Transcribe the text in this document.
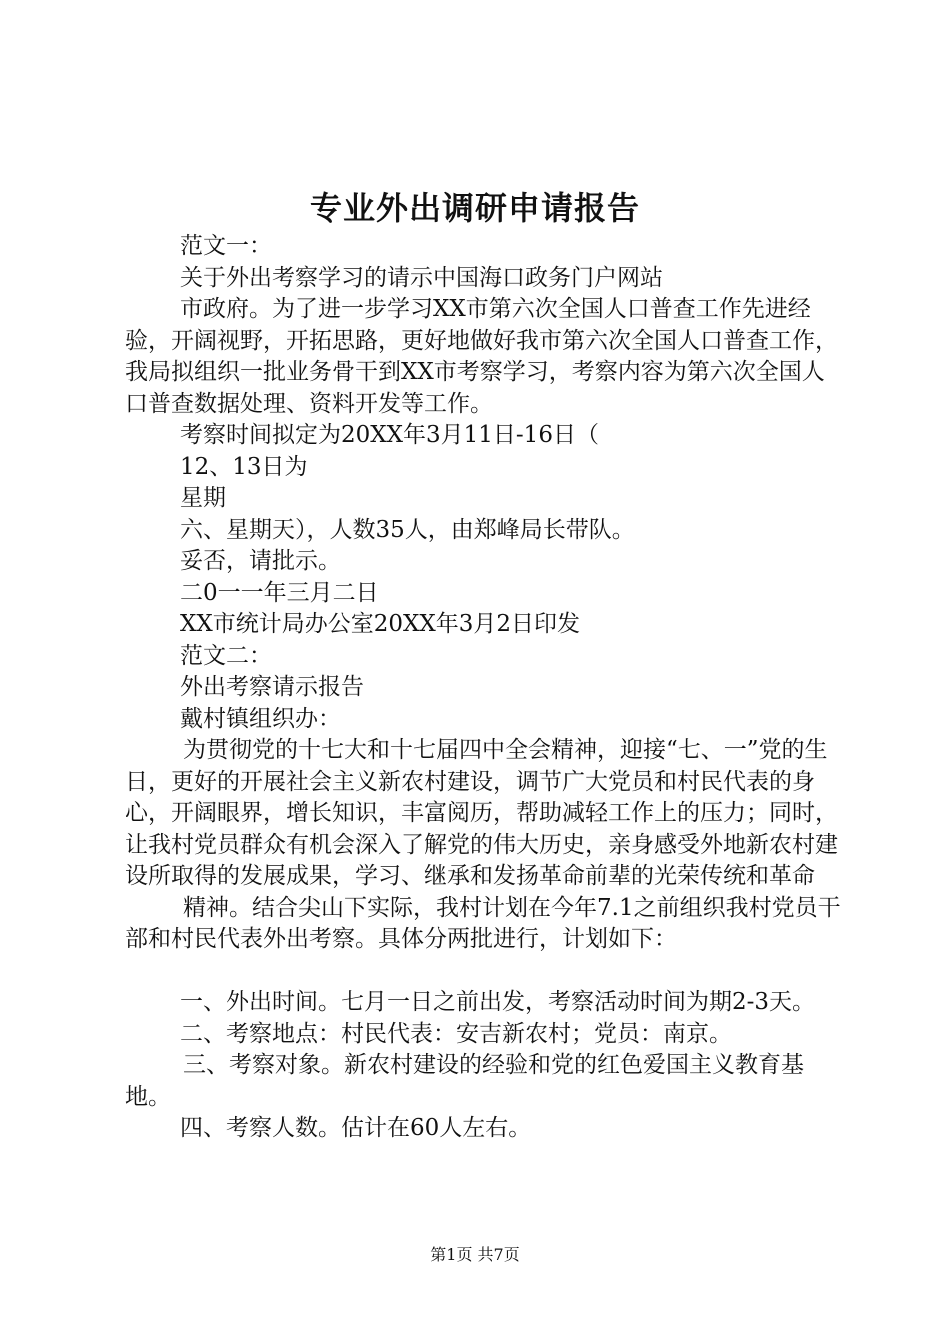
专业外出调研申请报告

范文一：

关于外出考察学习的请示中国海口政务门户网站

市政府。为了进一步学习XX市第六次全国人口普查工作先进经验，开阔视野，开拓思路，更好地做好我市第六次全国人口普查工作，我局拟组织一批业务骨干到XX市考察学习，考察内容为第六次全国人口普查数据处理、资料开发等工作。

考察时间拟定为20XX年3月11日-16日（

12、13日为

星期

六、星期天），人数35人，由郑峰局长带队。

妥否，请批示。

二0一一年三月二日

XX市统计局办公室20XX年3月2日印发

范文二：

外出考察请示报告

戴村镇组织办：

为贯彻党的十七大和十七届四中全会精神，迎接“七、一”党的生日，更好的开展社会主义新农村建设，调节广大党员和村民代表的身心，开阔眼界，增长知识，丰富阅历，帮助减轻工作上的压力；同时，让我村党员群众有机会深入了解党的伟大历史，亲身感受外地新农村建设所取得的发展成果，学习、继承和发扬革命前辈的光荣传统和革命

精神。结合尖山下实际，我村计划在今年7.1之前组织我村党员干部和村民代表外出考察。具体分两批进行，计划如下：

一、外出时间。七月一日之前出发，考察活动时间为期2-3天。

二、考察地点：村民代表：安吉新农村；党员：南京。

三、考察对象。新农村建设的经验和党的红色爱国主义教育基地。

四、考察人数。估计在60人左右。

第1页 共7页
